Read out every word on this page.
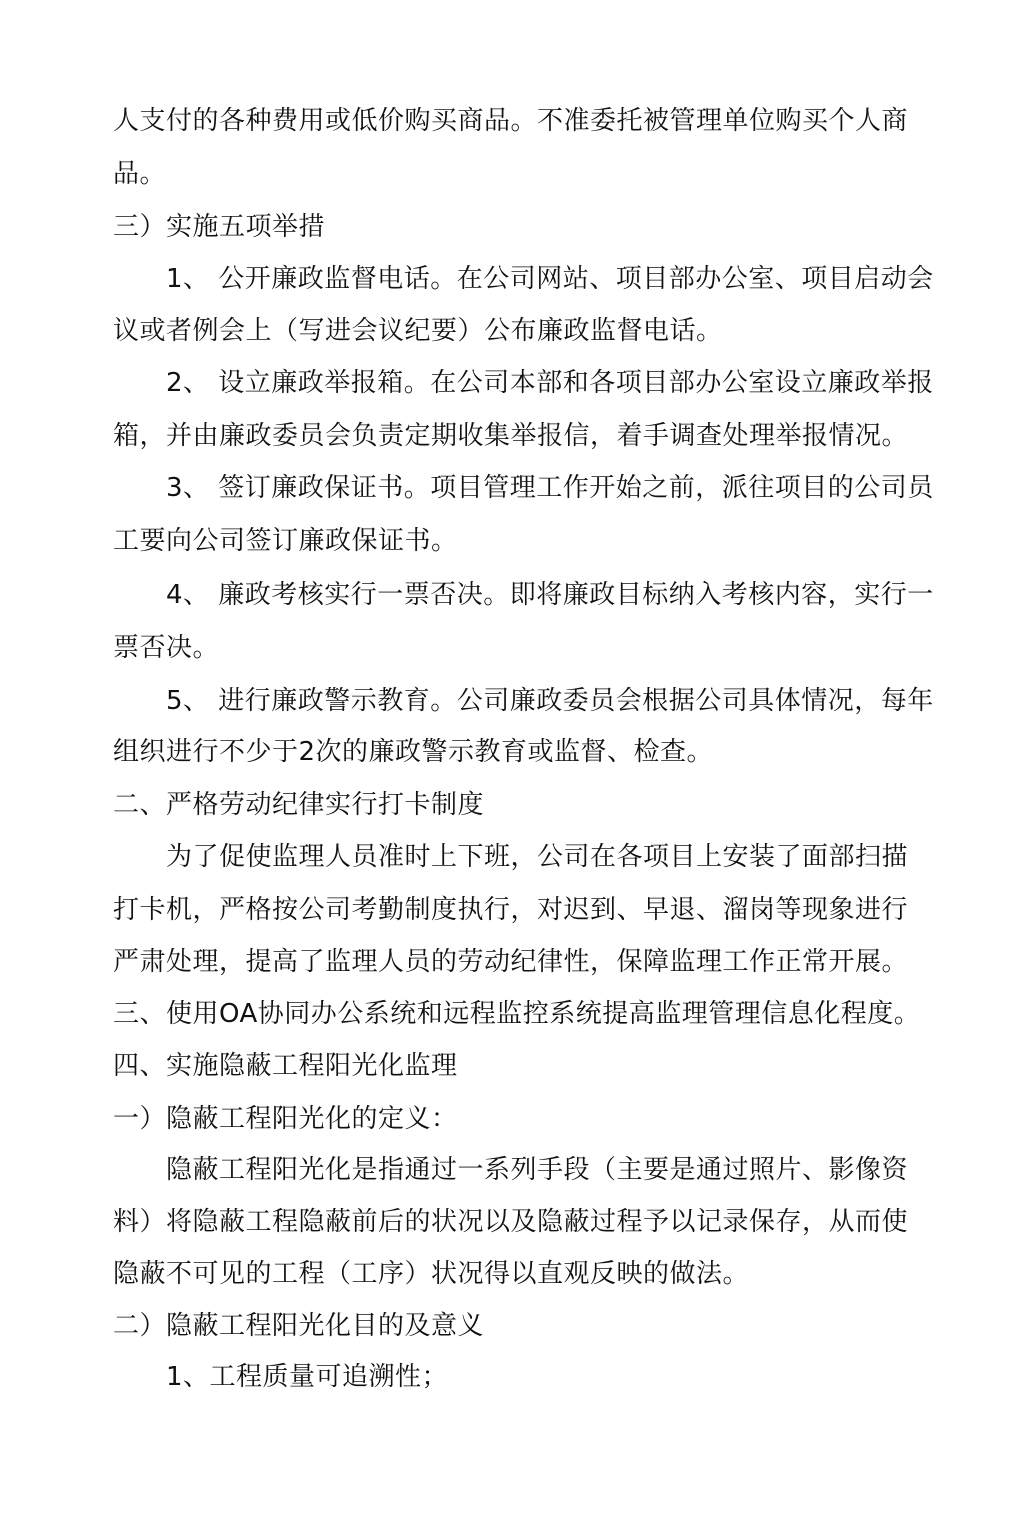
人支付的各种费用或低价购买商品。不准委托被管理单位购买个人商
品。
三）实施五项举措
1、 公开廉政监督电话。在公司网站、项目部办公室、项目启动会
议或者例会上（写进会议纪要）公布廉政监督电话。
2、 设立廉政举报箱。在公司本部和各项目部办公室设立廉政举报
箱，并由廉政委员会负责定期收集举报信，着手调查处理举报情况。
3、 签订廉政保证书。项目管理工作开始之前，派往项目的公司员
工要向公司签订廉政保证书。
4、 廉政考核实行一票否决。即将廉政目标纳入考核内容，实行一
票否决。
5、 进行廉政警示教育。公司廉政委员会根据公司具体情况，每年
组织进行不少于2次的廉政警示教育或监督、检查。
二、严格劳动纪律实行打卡制度
为了促使监理人员准时上下班，公司在各项目上安装了面部扫描
打卡机，严格按公司考勤制度执行，对迟到、早退、溜岗等现象进行
严肃处理，提高了监理人员的劳动纪律性，保障监理工作正常开展。
三、使用OA协同办公系统和远程监控系统提高监理管理信息化程度。
四、实施隐蔽工程阳光化监理
一）隐蔽工程阳光化的定义：
隐蔽工程阳光化是指通过一系列手段（主要是通过照片、影像资
料）将隐蔽工程隐蔽前后的状况以及隐蔽过程予以记录保存，从而使
隐蔽不可见的工程（工序）状况得以直观反映的做法。
二）隐蔽工程阳光化目的及意义
1、工程质量可追溯性；
